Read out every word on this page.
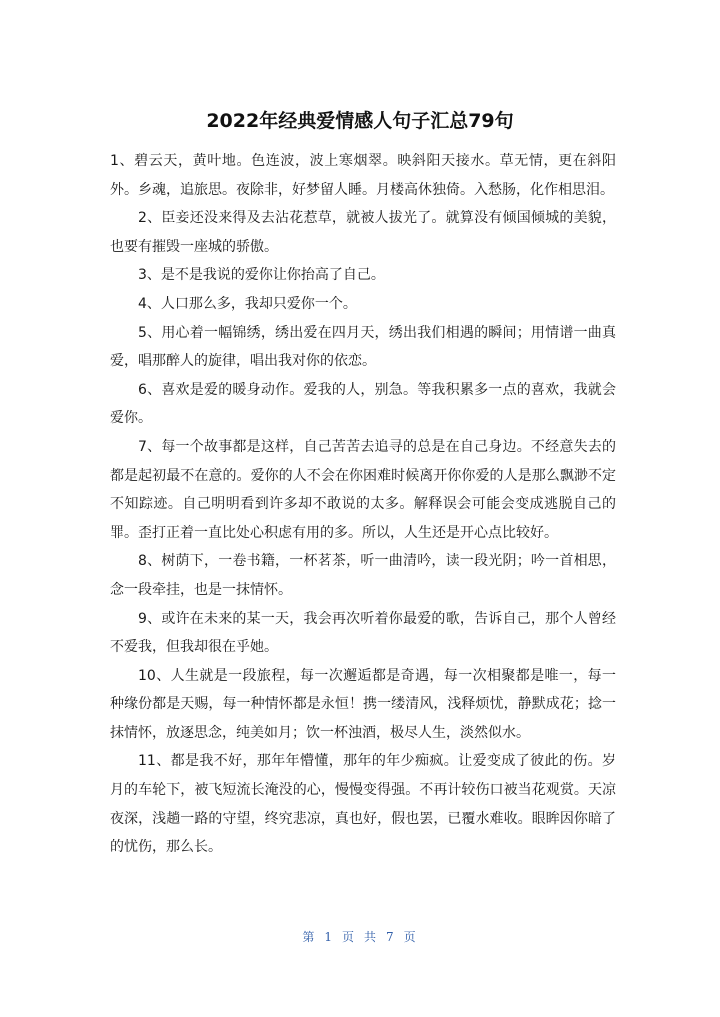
2022年经典爱情感人句子汇总79句

1、碧云天，黄叶地。色连波，波上寒烟翠。映斜阳天接水。草无情，更在斜阳外。乡魂，追旅思。夜除非，好梦留人睡。月楼高休独倚。入愁肠，化作相思泪。

2、臣妾还没来得及去沾花惹草，就被人拔光了。就算没有倾国倾城的美貌，也要有摧毁一座城的骄傲。

3、是不是我说的爱你让你抬高了自己。

4、人口那么多，我却只爱你一个。

5、用心着一幅锦绣，绣出爱在四月天，绣出我们相遇的瞬间；用情谱一曲真爱，唱那醉人的旋律，唱出我对你的依恋。

6、喜欢是爱的暖身动作。爱我的人，别急。等我积累多一点的喜欢，我就会爱你。

7、每一个故事都是这样，自己苦苦去追寻的总是在自己身边。不经意失去的都是起初最不在意的。爱你的人不会在你困难时候离开你你爱的人是那么飘渺不定不知踪迹。自己明明看到许多却不敢说的太多。解释误会可能会变成逃脱自己的罪。歪打正着一直比处心积虑有用的多。所以，人生还是开心点比较好。

8、树荫下，一卷书籍，一杯茗茶，听一曲清吟，读一段光阴；吟一首相思，念一段牵挂，也是一抹情怀。

9、或许在未来的某一天，我会再次听着你最爱的歌，告诉自己，那个人曾经不爱我，但我却很在乎她。

10、人生就是一段旅程，每一次邂逅都是奇遇，每一次相聚都是唯一，每一种缘份都是天赐，每一种情怀都是永恒！携一缕清风，浅释烦忧，静默成花；捻一抹情怀，放逐思念，纯美如月；饮一杯浊酒，极尽人生，淡然似水。

11、都是我不好，那年年懵懂，那年的年少痴疯。让爱变成了彼此的伤。岁月的车轮下，被飞短流长淹没的心，慢慢变得强。不再计较伤口被当花观赏。天凉夜深，浅趟一路的守望，终究悲凉，真也好，假也罢，已覆水难收。眼眸因你暗了的忧伤，那么长。

第 1 页 共 7 页
